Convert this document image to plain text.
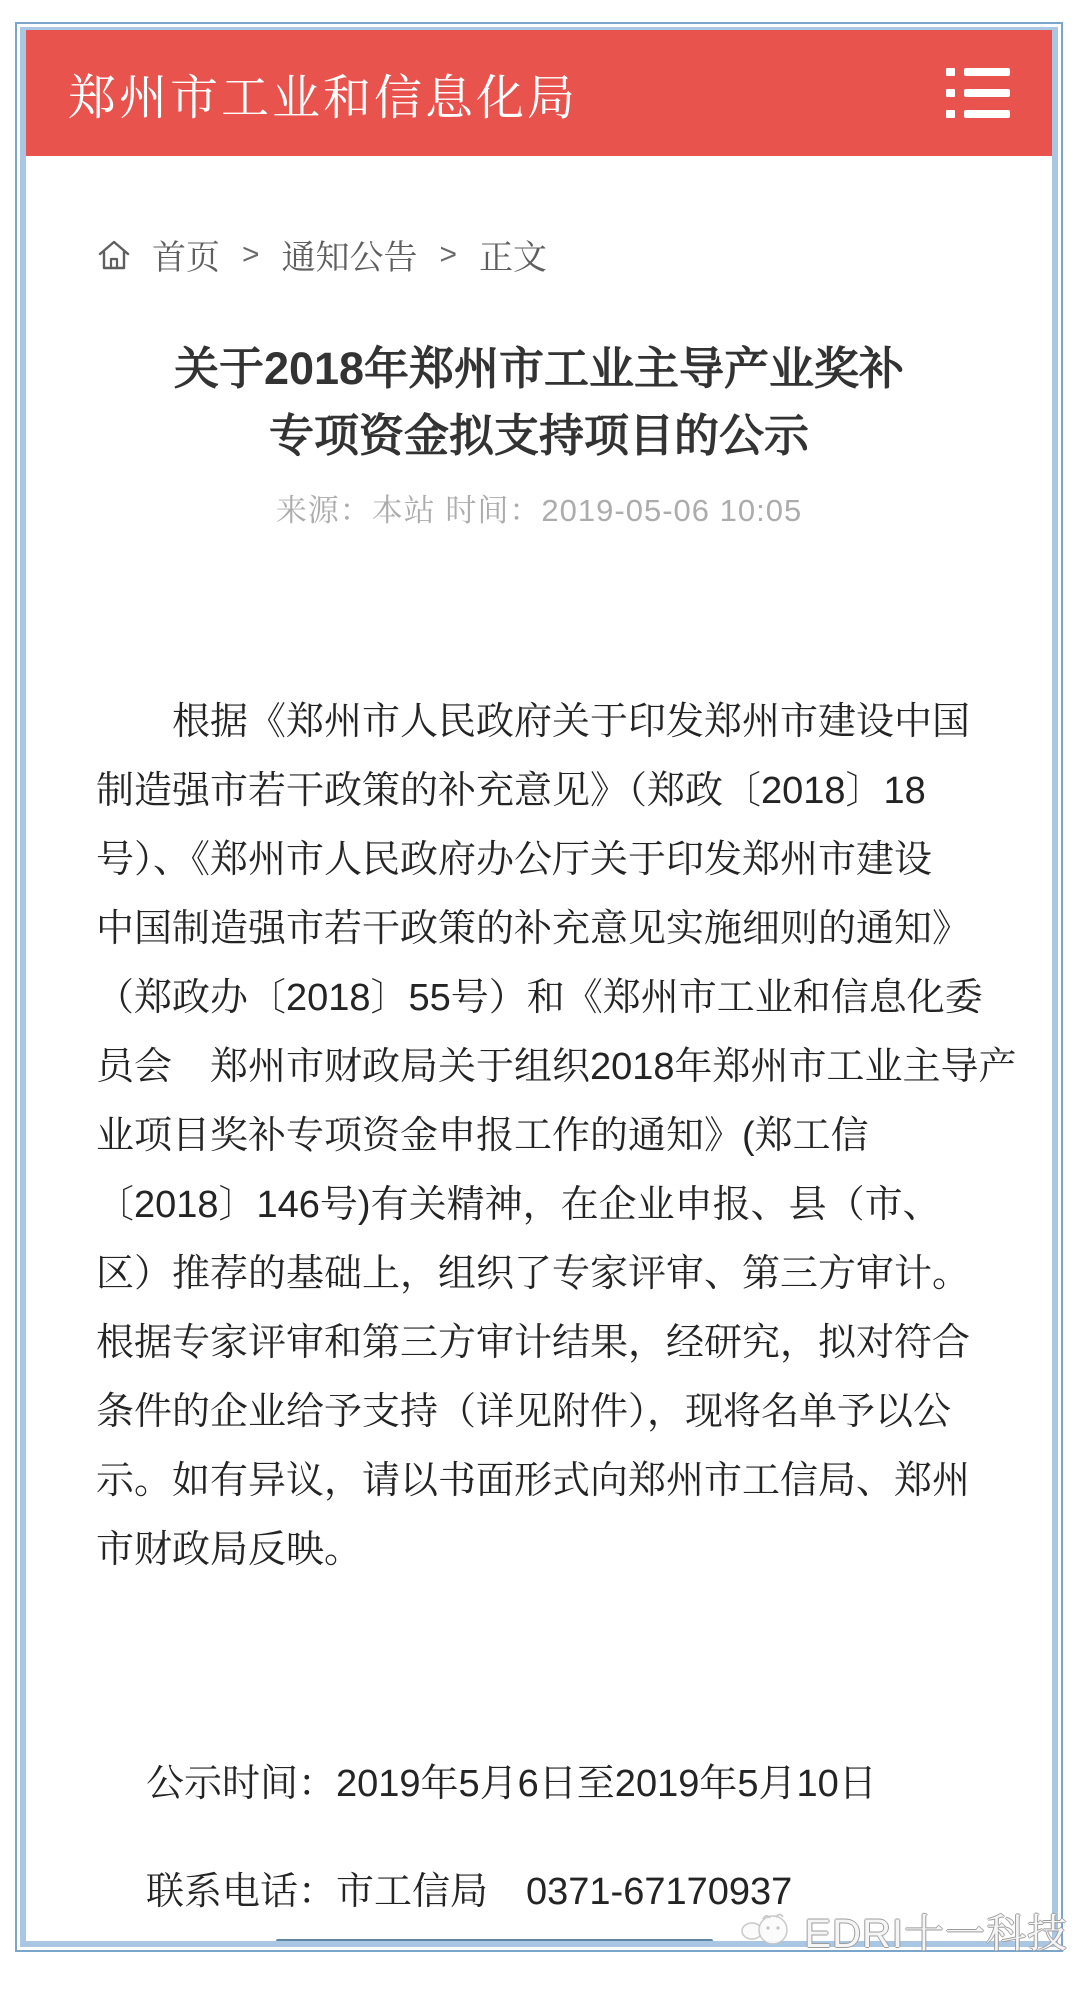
郑州市工业和信息化局
首页 > 通知公告 > 正文
关于2018年郑州市工业主导产业奖补
专项资金拟支持项目的公示
来源：本站 时间：2019-05-06 10:05
根据《郑州市人民政府关于印发郑州市建设中国
制造强市若干政策的补充意见》（郑政〔2018〕18
号）、《郑州市人民政府办公厅关于印发郑州市建设
中国制造强市若干政策的补充意见实施细则的通知》
（郑政办〔2018〕55号）和《郑州市工业和信息化委
员会　郑州市财政局关于组织2018年郑州市工业主导产
业项目奖补专项资金申报工作的通知》(郑工信
〔2018〕146号)有关精神，在企业申报、县（市、
区）推荐的基础上，组织了专家评审、第三方审计。
根据专家评审和第三方审计结果，经研究，拟对符合
条件的企业给予支持（详见附件），现将名单予以公
示。如有异议，请以书面形式向郑州市工信局、郑州
市财政局反映。
公示时间：2019年5月6日至2019年5月10日
联系电话：市工信局　0371-67170937
EDRI十一科技
